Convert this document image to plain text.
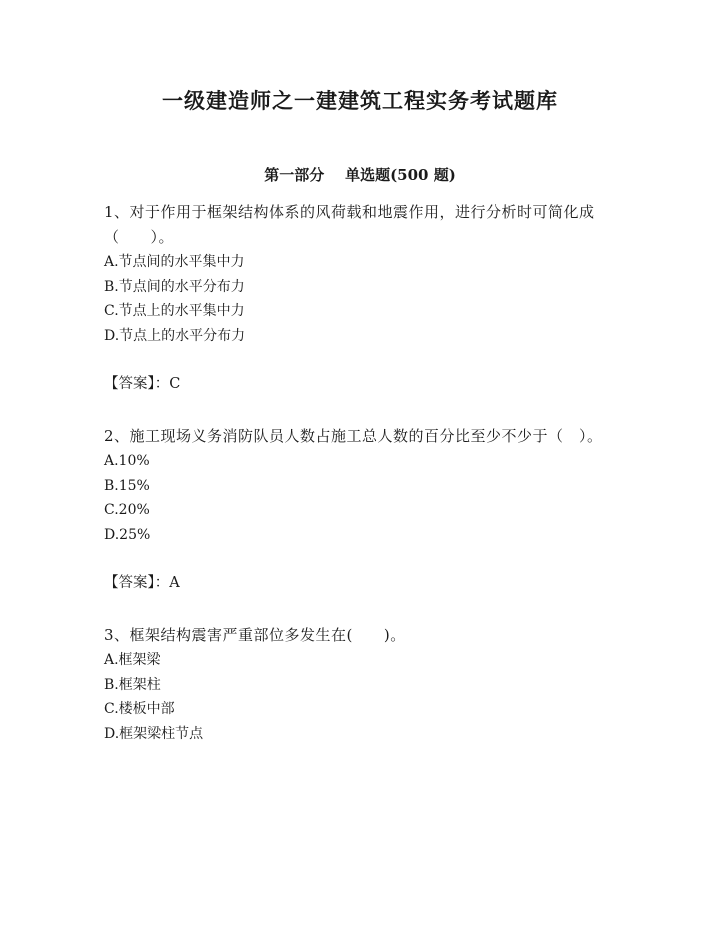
一级建造师之一建建筑工程实务考试题库
第一部分    单选题(500 题)

1、对于作用于框架结构体系的风荷载和地震作用，进行分析时可简化成（　　）。

A.节点间的水平集中力
B.节点间的水平分布力
C.节点上的水平集中力
D.节点上的水平分布力
【答案】：C

2、施工现场义务消防队员人数占施工总人数的百分比至少不少于（　）。

A.10%
B.15%
C.20%
D.25%
【答案】：A

3、框架结构震害严重部位多发生在(　　)。

A.框架梁
B.框架柱
C.楼板中部
D.框架梁柱节点
